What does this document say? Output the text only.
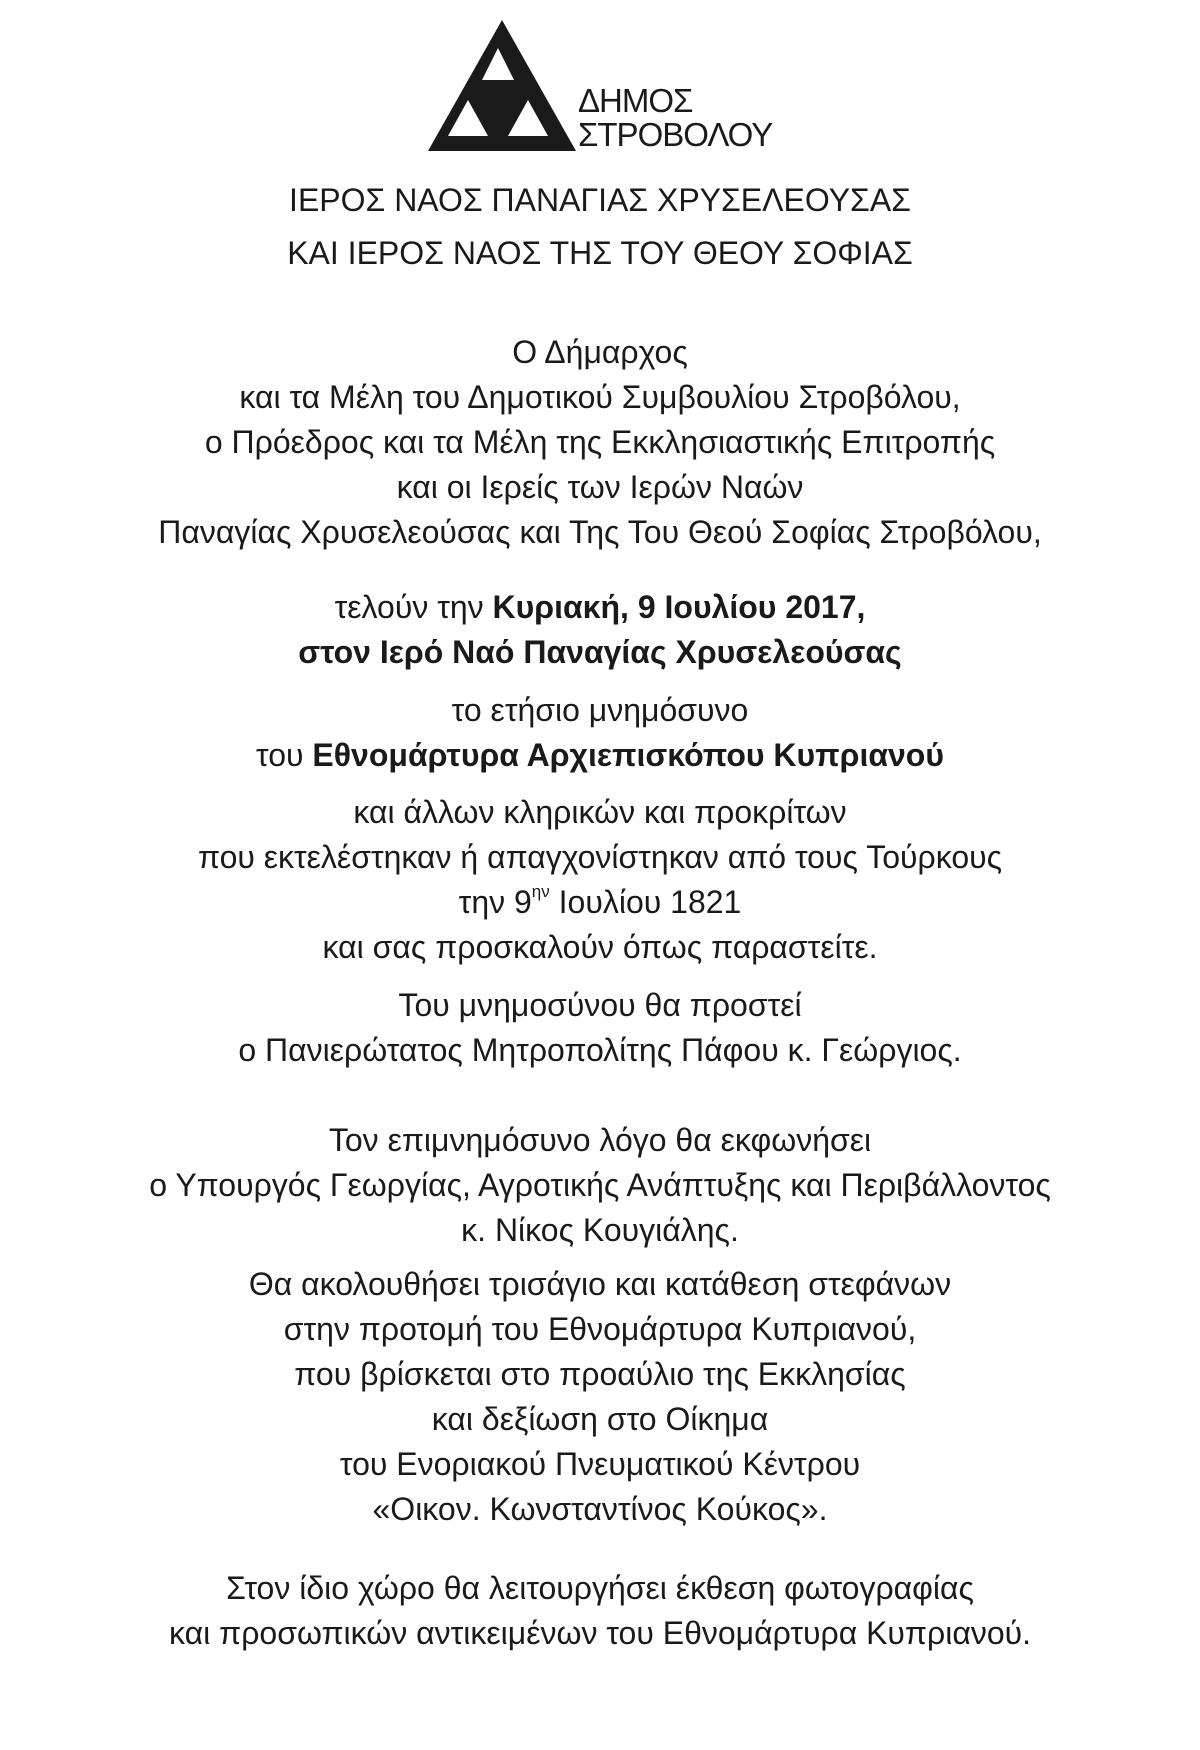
ΔΗΜΟΣ
ΣΤΡΟΒΟΛΟΥ
ΙΕΡΟΣ ΝΑΟΣ ΠΑΝΑΓΙΑΣ ΧΡΥΣΕΛΕΟΥΣΑΣ
ΚΑΙ ΙΕΡΟΣ ΝΑΟΣ ΤΗΣ ΤΟΥ ΘΕΟΥ ΣΟΦΙΑΣ
Ο Δήμαρχος
και τα Μέλη του Δημοτικού Συμβουλίου Στροβόλου,
ο Πρόεδρος και τα Μέλη της Εκκλησιαστικής Επιτροπής
και οι Ιερείς των Ιερών Ναών
Παναγίας Χρυσελεούσας και Της Του Θεού Σοφίας Στροβόλου,
τελούν την Κυριακή, 9 Ιουλίου 2017,
στον Ιερό Ναό Παναγίας Χρυσελεούσας
το ετήσιο μνημόσυνο
του Εθνομάρτυρα Αρχιεπισκόπου Κυπριανού
και άλλων κληρικών και προκρίτων
που εκτελέστηκαν ή απαγχονίστηκαν από τους Τούρκους
την $9^{\eta\nu}$ Ιουλίου 1821
και σας προσκαλούν όπως παραστείτε.
Του μνημοσύνου θα προστεί
ο Πανιερώτατος Μητροπολίτης Πάφου κ. Γεώργιος.
Τον επιμνημόσυνο λόγο θα εκφωνήσει
ο Υπουργός Γεωργίας, Αγροτικής Ανάπτυξης και Περιβάλλοντος
κ. Νίκος Κουγιάλης.
Θα ακολουθήσει τρισάγιο και κατάθεση στεφάνων
στην προτομή του Εθνομάρτυρα Κυπριανού,
που βρίσκεται στο προαύλιο της Εκκλησίας
και δεξίωση στο Οίκημα
του Ενοριακού Πνευματικού Κέντρου
«Οικον. Κωνσταντίνος Κούκος».
Στον ίδιο χώρο θα λειτουργήσει έκθεση φωτογραφίας
και προσωπικών αντικειμένων του Εθνομάρτυρα Κυπριανού.
